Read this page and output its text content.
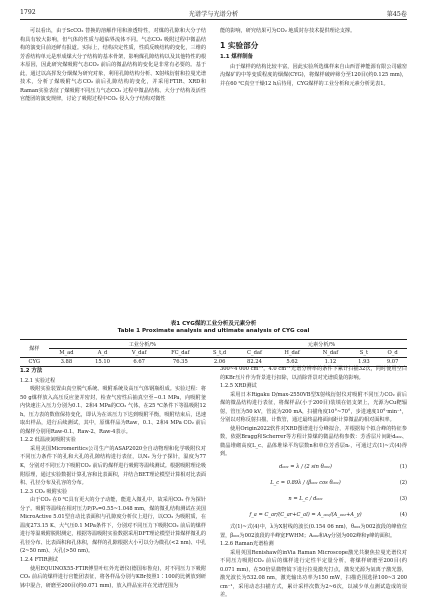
1792	光谱学与光谱分析	第45卷

可以看出，由于ScCO₂ 替换的溶解作用和渗透特性，对煤的孔隙和大分子结构具有较大影响，但气体的性质与超临界流体不同。气态CO₂ 吸附过程中微晶结构的演变目前还鲜有报道。实际上，结构决定性质，性质反映结构的变化，三维的芳香结构单元是形成煤大分子结构的基本骨架，影响煤孔隙结构以及其他特性的根本原因，因此研究煤吸附气态CO₂ 前后的微晶结构的变化是非常有必要的。基于此，通过以高挥发分烟煤为研究对象，利用孔隙结构分析、X射线衍射和拉曼光谱技术，分析了煤吸附气态CO₂ 前后孔隙结构的变化，并采用FTIR、XRD和Raman实验表征了煤吸附不同压力气态CO₂ 过程中微晶结构、大分子结构及活性官能团的演变规律，讨论了吸附过程中CO₂ 侵入分子结构对微性

能的影响，研究结果可为CO₂ 地质封存技术提供理论支撑。

1 实验部分
1.1 煤样制备

由于煤样的结构比较丰富，因此实验所选煤样来自山西晋神能源有限公司磁窑沟煤矿的中等变质程度的烟煤(CYG)，将煤样破碎筛分至120目(约0.125 mm)，并在60 ℃真空干燥12 h后待用，CYG煤样的工业分析和元素分析见表1。

表1 CYG煤的工业分析及元素分析
Table 1 Proximate analysis and ultimate analysis of CYG coal
煤样	工业分析/%					元素分析/%				
	M_ad	A_d	V_daf	FC_daf	S_t,d	C_daf	H_daf	N_daf	S_t	O_d
CYG	3.88	15.10	6.67	76.35	2.06	82.24	5.62	1.12	1.93	9.07
1.2 方法
1.2.1 实验过程

吸附实验装置由真空脱气系统、吸附系统及高压气体钢瓶组成。实验过程：将50 g煤样放入高压反应釜并密封，检查气密性后抽真空至−0.1 MPa，向吸附釜内快速注入压力分别为0.1、2和4 MPa的CO₂ 气体，在25 ℃条件下等温吸附12 h。压力表的数值保持变化，即认为在该压力下达到吸附平衡，吸附结束后，迅速取出样品，进行后续测试，其中，原煤样品为Raw，0.1、2和4 MPa CO₂ 前后的煤样分别用Raw-0.1、Raw-2、Raw-4表示。

1.2.2 低温液氮吸附实验

采用美国Micromeritics公司生产的ASAP2020全自动物理和化学吸附仪对不同压力条件下的孔和大孔的孔隙结构进行表征，以N₂ 为分子探针，温度为77 K，分别对不同压力下吸附CO₂ 前后的煤样进行吸附等温线测试。根据吸附理论吸附原理，通过实验数据计算孔容和比表面积，并结合BET理论模型计算相对比表面积、孔径分布及孔容的分布。

1.2.3 CO₂ 吸附实验

由于CO₂ 在0 ℃具有更大的分子动能，能进入微孔中，故采用CO₂ 作为探针分子。吸附等温线在相对压力P/P₀=0.55~1.048 mm，煤的微孔结构测试在美国MicroActive 5.01型自动比表面积与孔隙度分析仪上进行，以CO₂ 为吸附质，在温度273.15 K、大气压0.1 MPa条件下，分别对不同压力下吸附CO₂ 前后的煤样进行等温吸附脱附测定，根据等温吸附实验数据采用DFT理论模型计算煤样微孔的孔径分布、比表面积和孔体积，煤样的孔隙根据大小可以分为微孔(<2 nm)、中孔(2~50 nm)、大孔(>50 nm)。

1.2.4 FTIR测试

使用EQUINOX55-FTIR傅里叶红外光谱仪(德国布鲁克)，对不同压力下吸附CO₂ 前后的煤样进行官能团表征，将各样品分别与KBr按照1∶100的比例放到研钵中混合，研磨至200目(约0.071 mm)，放入样品室并在光谱范围为

300~4 000 cm⁻¹，4.0 cm⁻¹光谱分辨率的条件下累计扫描32次，同时使用空白的KBr压片作为背景进行扣除，以消除背景对光谱质量的影响。

1.2.5 XRD测试

采用日本Rigaku D/max-2550VB型X射线衍射仪对吸附不同压力CO₂ 前后煤的微晶结构进行表征，将煤样品(小于200目)装填在铝支架上，光源为Cu靶辐射，管压为50 kV，管流为200 mA，扫描角度10°~70°，步进速度10°·min⁻¹，分别以对称反射扫描，计数管，通过最终晶格面间距计算微晶的相对面积率。

使用Origin2022软件对XRD图谱进行分峰拟合，并根据每个拟合峰的特征参数，依据Bragg和Scherrer等方程计算煤的微晶结构参数：芳香层片间距d₀₀₂、微晶堆砌高度L_c、晶体堆垛平均层数n和单位芳香层nᵣ，可通过式(1)~式(4)得到。

d₀₀₂ = λ / (2 sin θ₀₀₂)	(1)
L_c = 0.89λ / (β₀₀₂ cos θ₀₀₂)	(2)
n = L_c / d₀₀₂	(3)
f_a = C_ar/(C_ar+C_al) = A_₀₀₂/(A_₀₀₂+A_γ)	(4)

式(1)~式(4)中，λ为X射线的波长(0.154 06 nm)，θ₀₀₂为002波段的峰值位置，β₀₀₂为002波段的半峰宽FWHM；A₀₀₂和Aγ分别为002峰和γ峰的面积。

1.2.6 Raman光谱检测

采用英国Renishaw的inVia Raman Microscope激光共聚焦拉曼光谱仪对不同压力吸附CO₂ 前后的煤样进行定性半定量分析，将煤样研磨至200目(约0.071 mm)，在50倍显微物镜下进行拉曼激光打点，激发光源为氩离子激光器，激光波长为532.08 nm，激光输出功率为150 mW，扫描范围选择100~3 200 cm⁻¹，采用动态扫描方式，累计采样次数为2~6次，以减少单点测试造成的误差。
